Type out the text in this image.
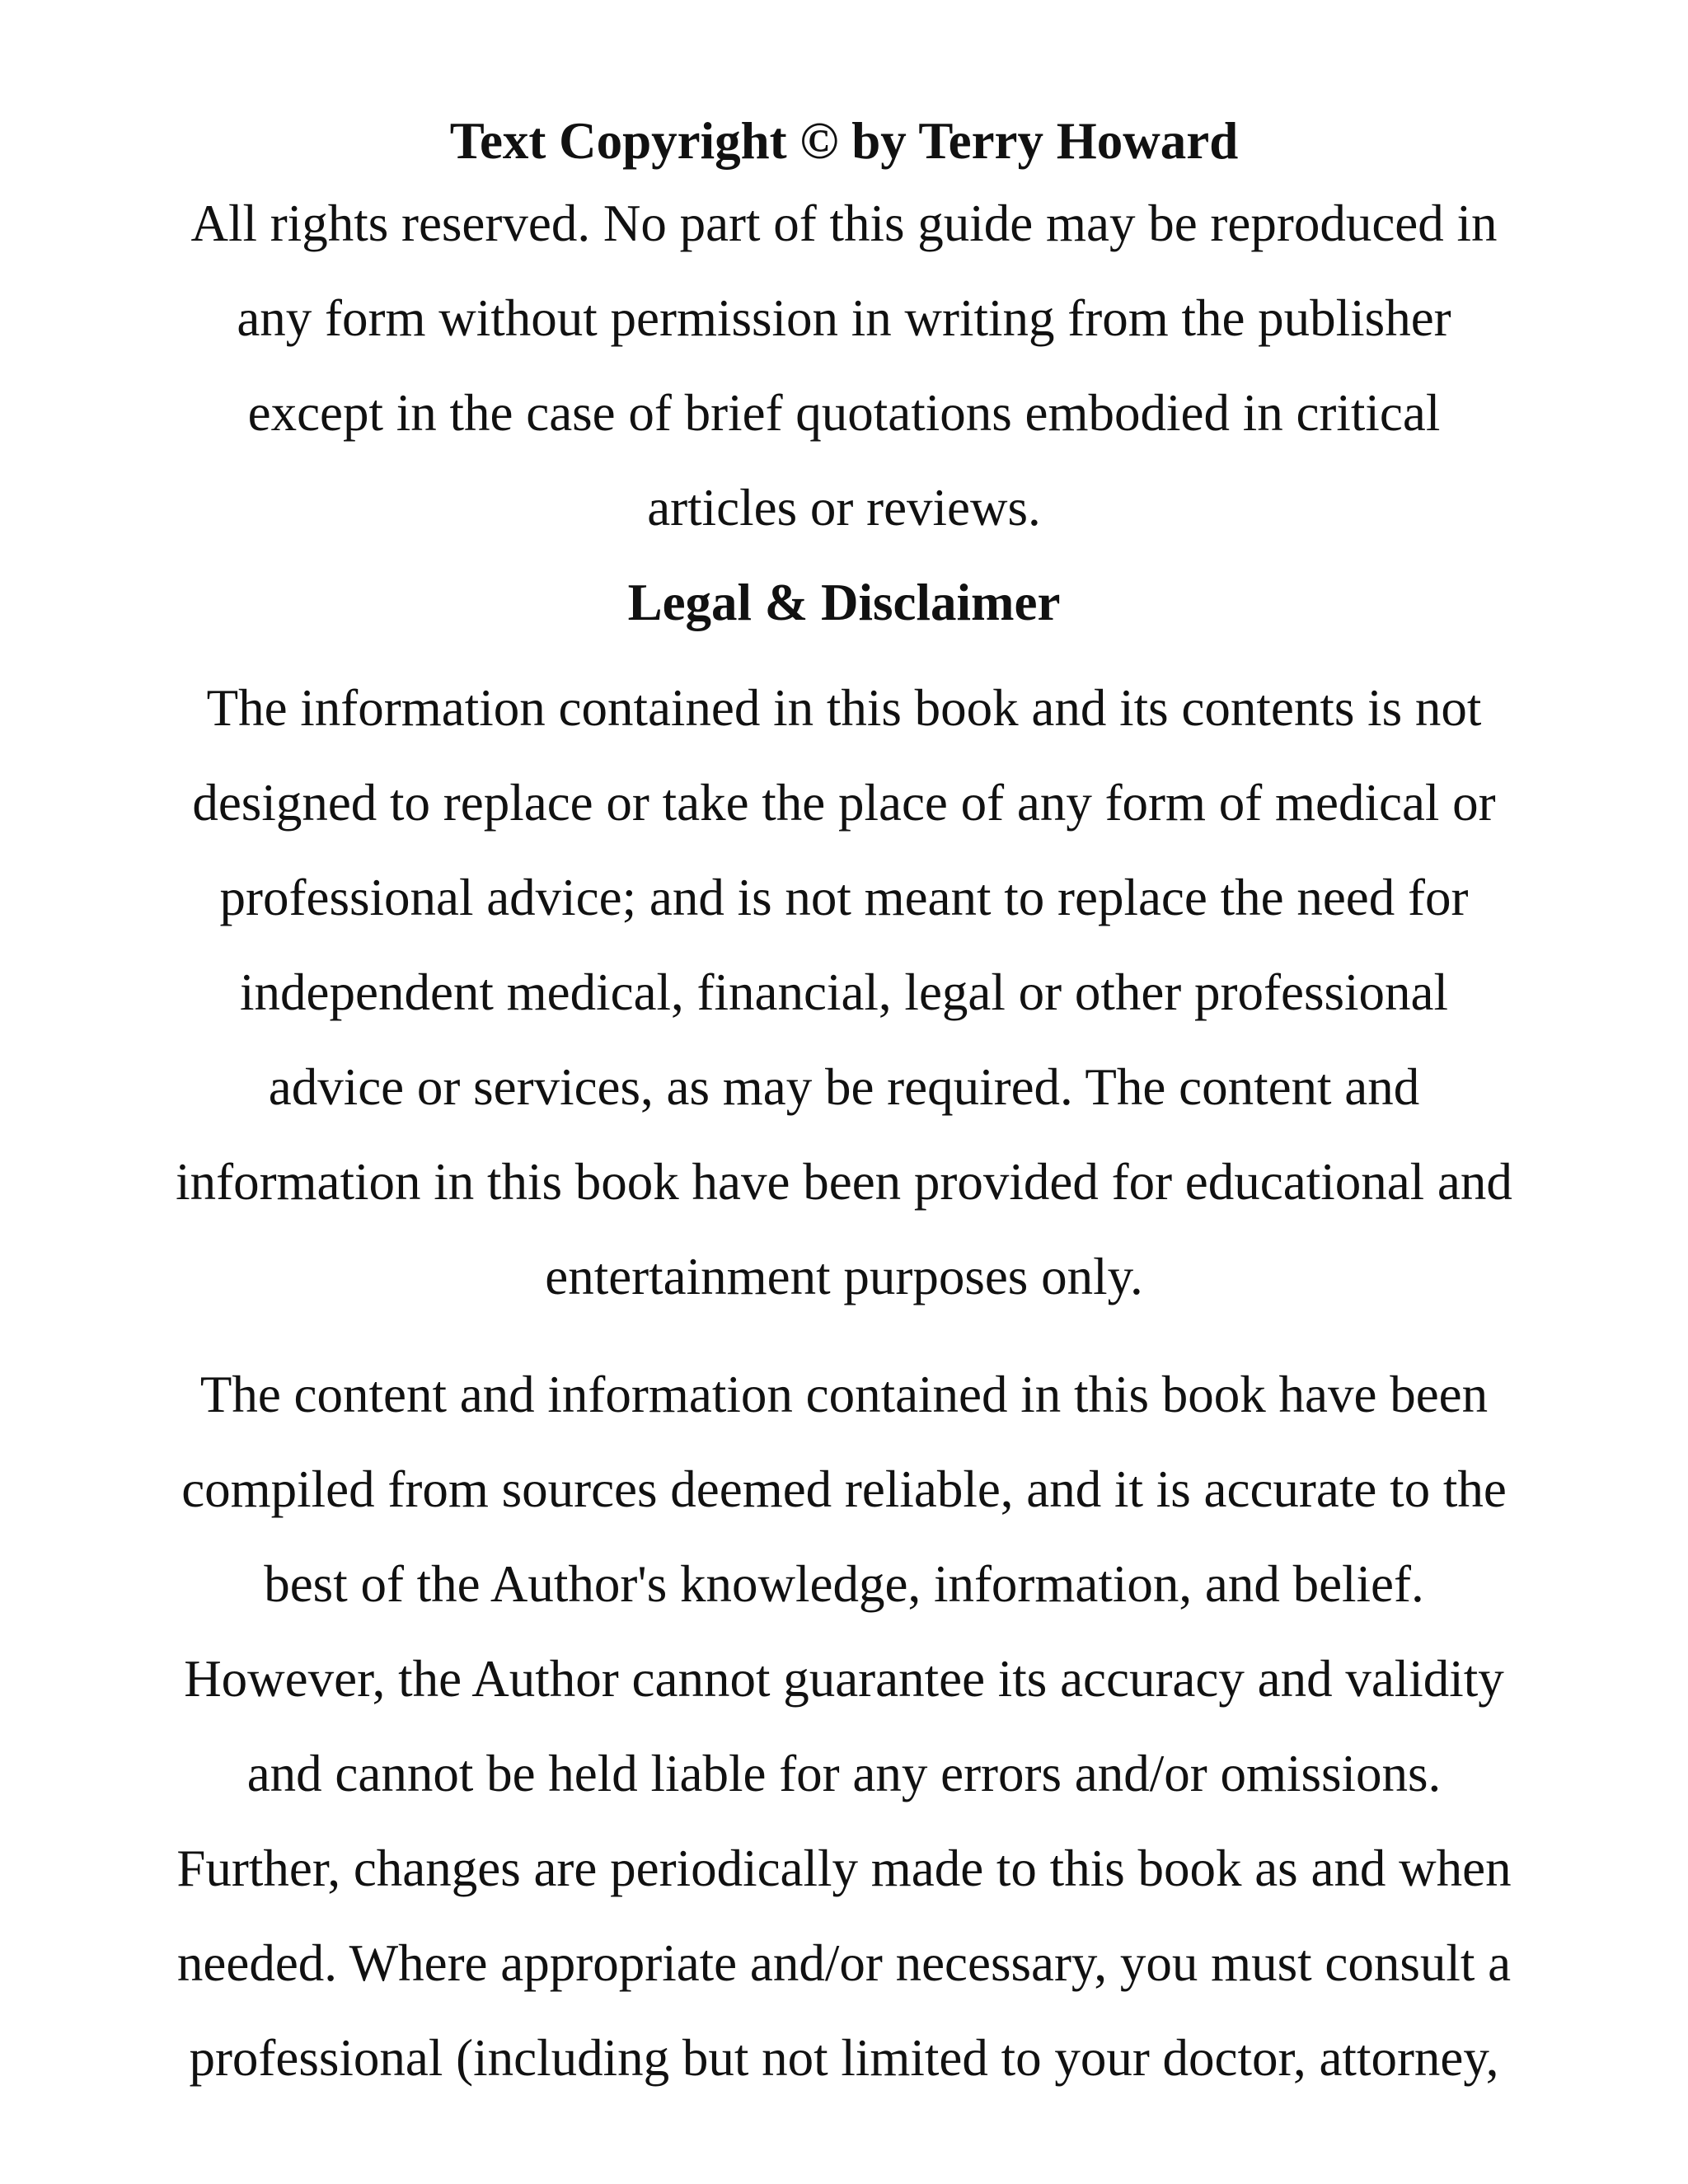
Text Copyright © by Terry Howard

All rights reserved. No part of this guide may be reproduced in
any form without permission in writing from the publisher
except in the case of brief quotations embodied in critical
articles or reviews.

Legal & Disclaimer

The information contained in this book and its contents is not
designed to replace or take the place of any form of medical or
professional advice; and is not meant to replace the need for
independent medical, financial, legal or other professional
advice or services, as may be required. The content and
information in this book have been provided for educational and
entertainment purposes only.

The content and information contained in this book have been
compiled from sources deemed reliable, and it is accurate to the
best of the Author's knowledge, information, and belief.
However, the Author cannot guarantee its accuracy and validity
and cannot be held liable for any errors and/or omissions.
Further, changes are periodically made to this book as and when
needed. Where appropriate and/or necessary, you must consult a
professional (including but not limited to your doctor, attorney,
